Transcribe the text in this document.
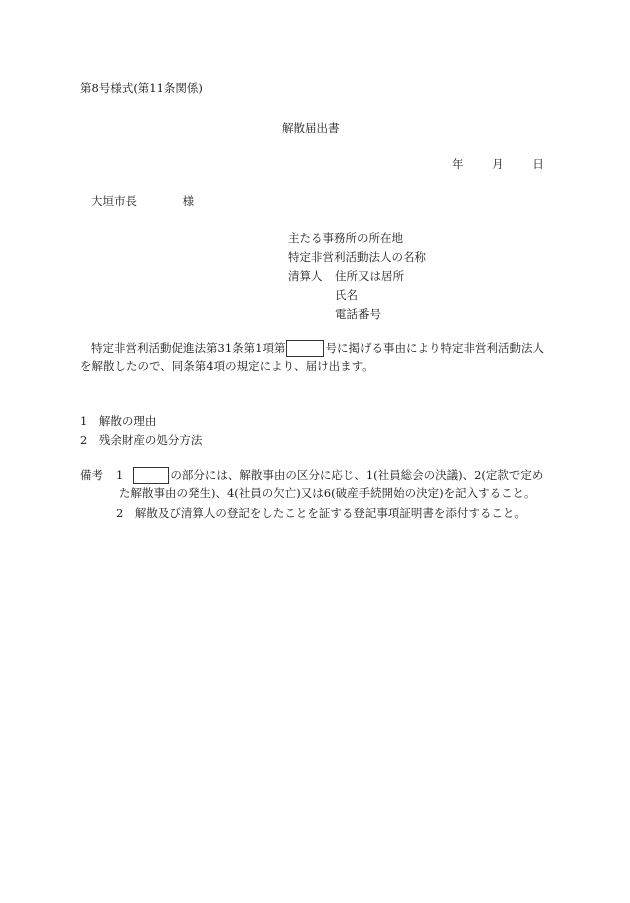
第8号様式(第11条関係)
解散届出書
年 月 日
大垣市長	様
主たる事務所の所在地
特定非営利活動法人の名称
清算人 住所又は居所
氏名
電話番号
特定非営利活動促進法第31条第1項第	号に掲げる事由により特定非営利活動法人
を解散したので、同条第4項の規定により、届け出ます。
1　解散の理由
2　残余財産の処分方法
備考 1	の部分には、解散事由の区分に応じ、1(社員総会の決議)、2(定款で定め
た解散事由の発生)、4(社員の欠亡)又は6(破産手続開始の決定)を記入すること。
2　解散及び清算人の登記をしたことを証する登記事項証明書を添付すること。
